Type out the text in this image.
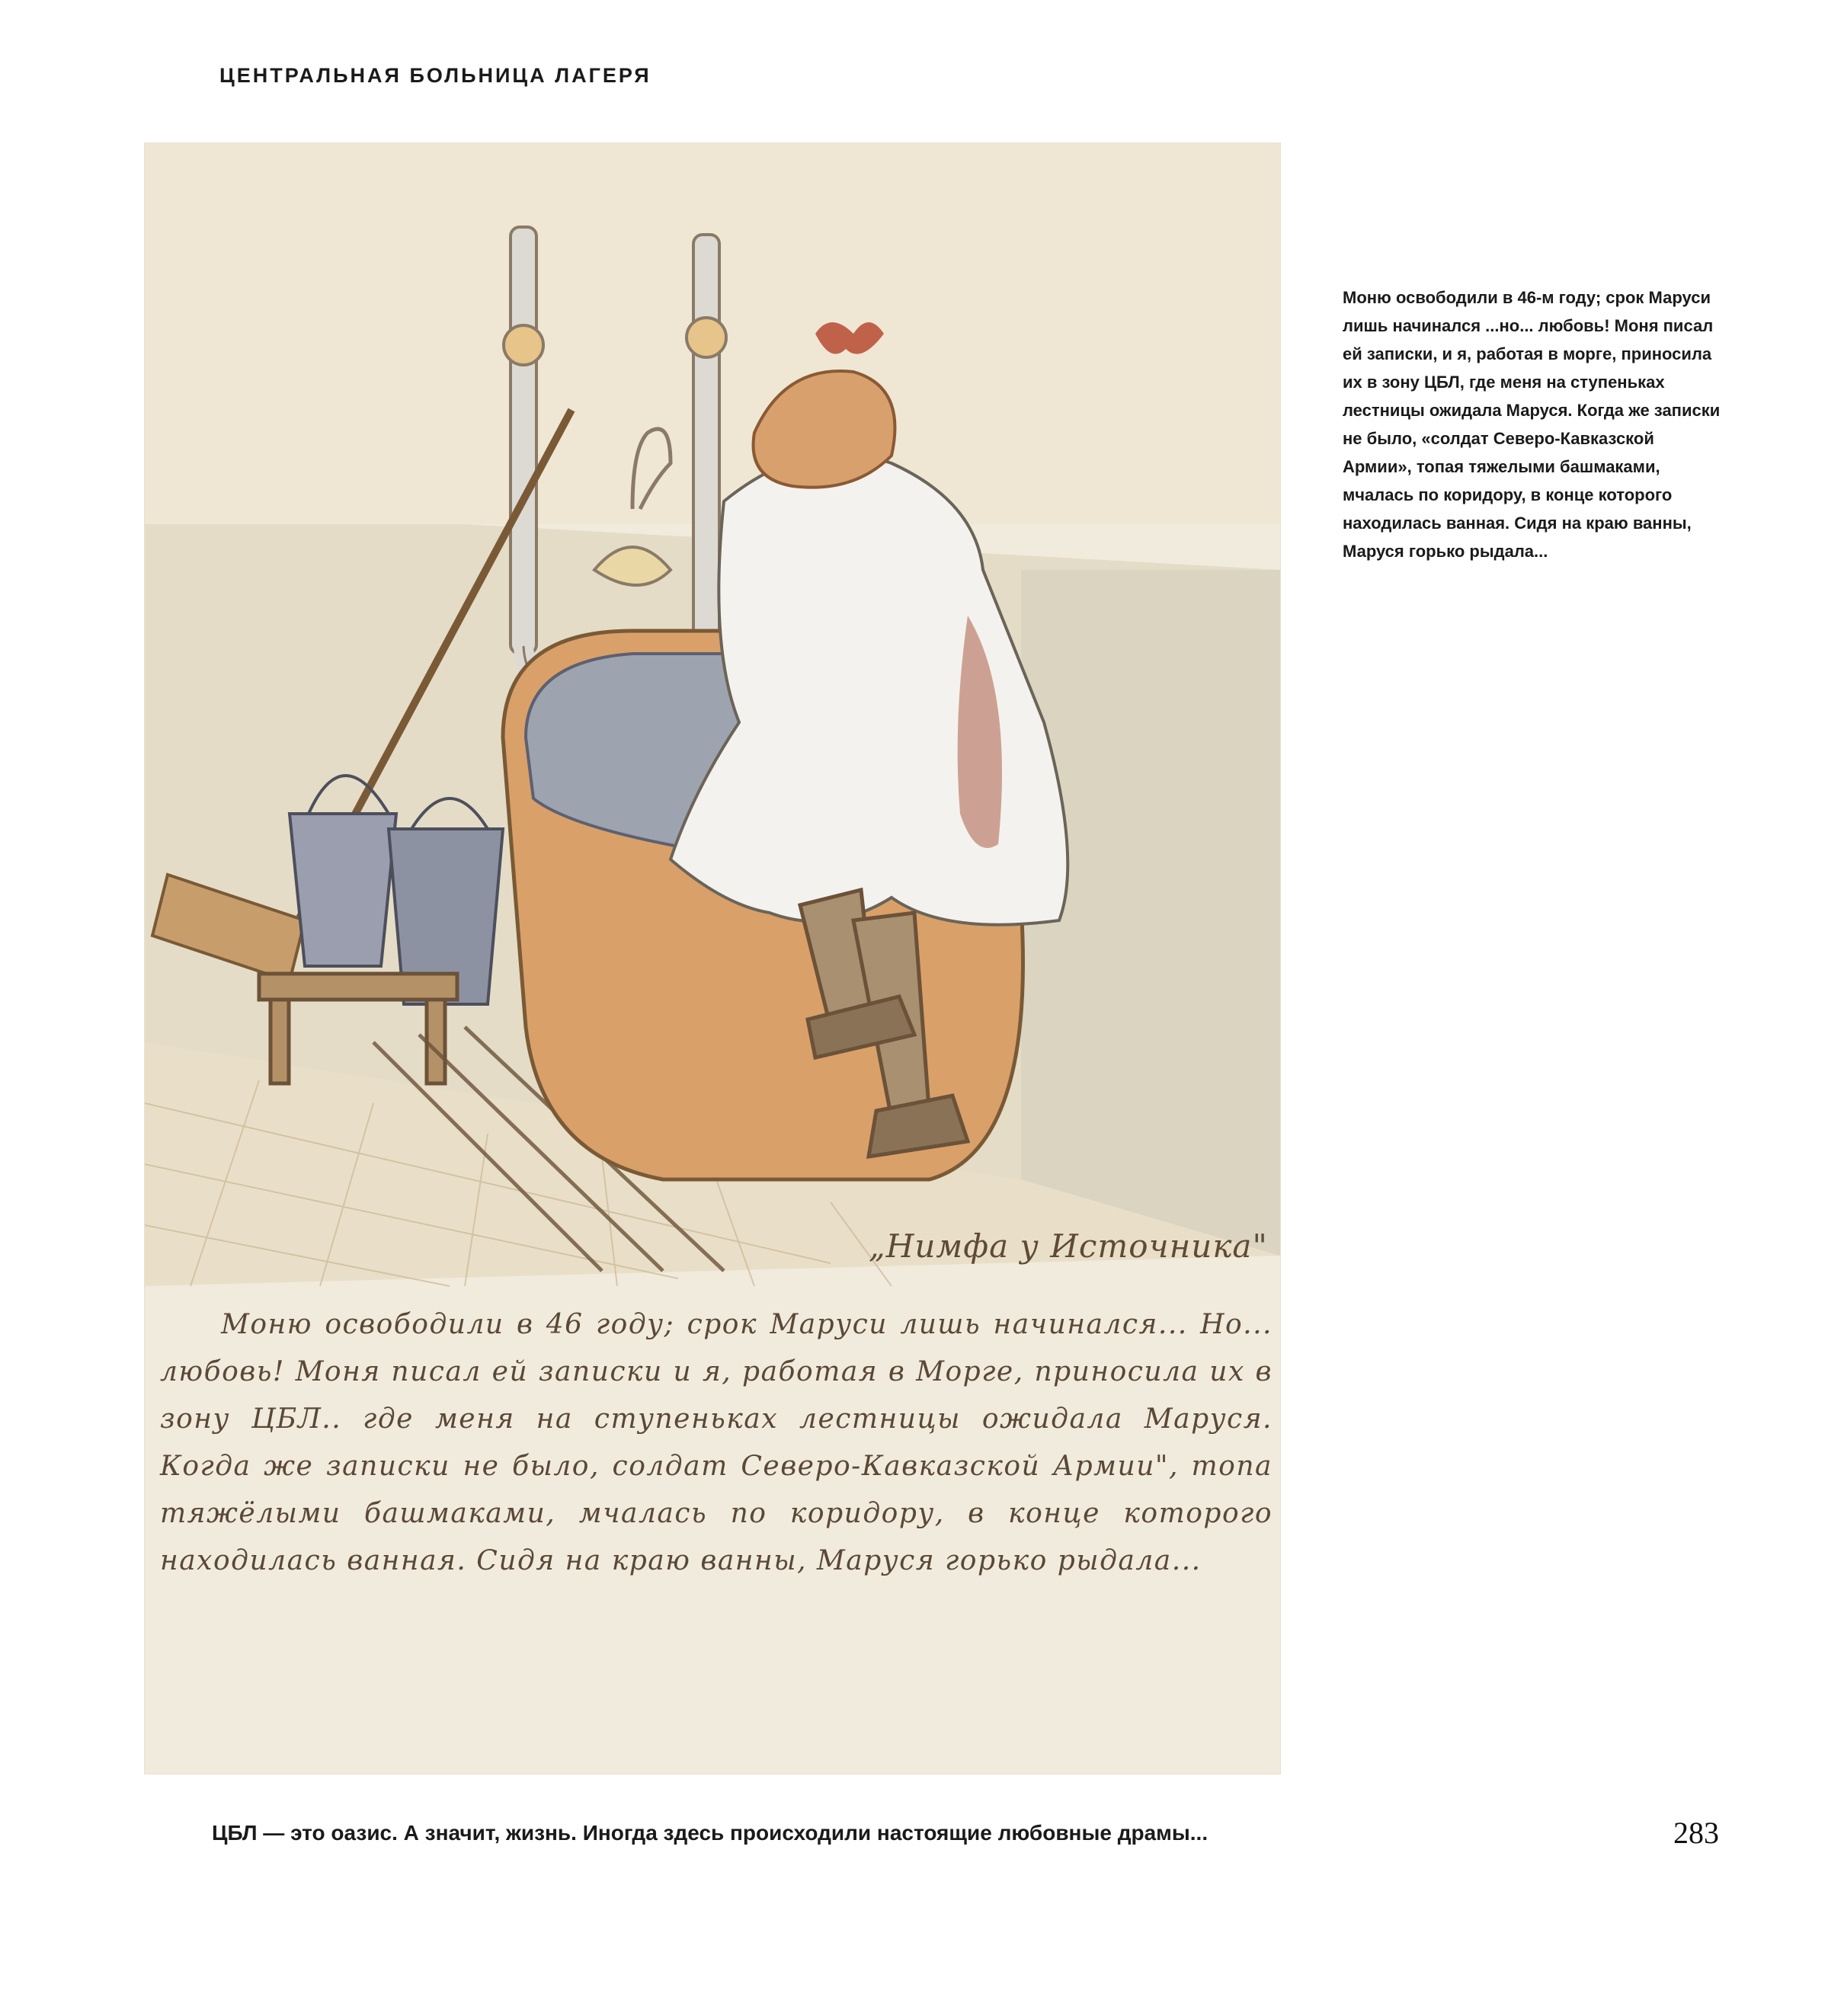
ЦЕНТРАЛЬНАЯ БОЛЬНИЦА ЛАГЕРЯ
„Нимфа у Источника"
Моню освободили в 46 году; срок Маруси лишь начинался... Но... любовь! Моня писал ей записки и я, работая в Морге, приносила их в зону ЦБЛ.. где меня на ступеньках лестницы ожидала Маруся. Когда же записки не было, солдат Северо-Кавказской Армии", топа тяжёлыми башмаками, мчалась по коридору, в конце которого находилась ванная. Сидя на краю ванны, Маруся горько рыдала...
Моню освободили в 46-м году; срок Маруси лишь начинался ...но... любовь! Моня писал ей записки, и я, работая в морге, приносила их в зону ЦБЛ, где меня на ступеньках лестницы ожидала Маруся. Когда же записки не было, «солдат Северо-Кавказской Армии», топая тяжелыми башмаками, мчалась по коридору, в конце которого находилась ванная. Сидя на краю ванны, Маруся горько рыдала...
ЦБЛ — это оазис. А значит, жизнь. Иногда здесь происходили настоящие любовные драмы...	283
